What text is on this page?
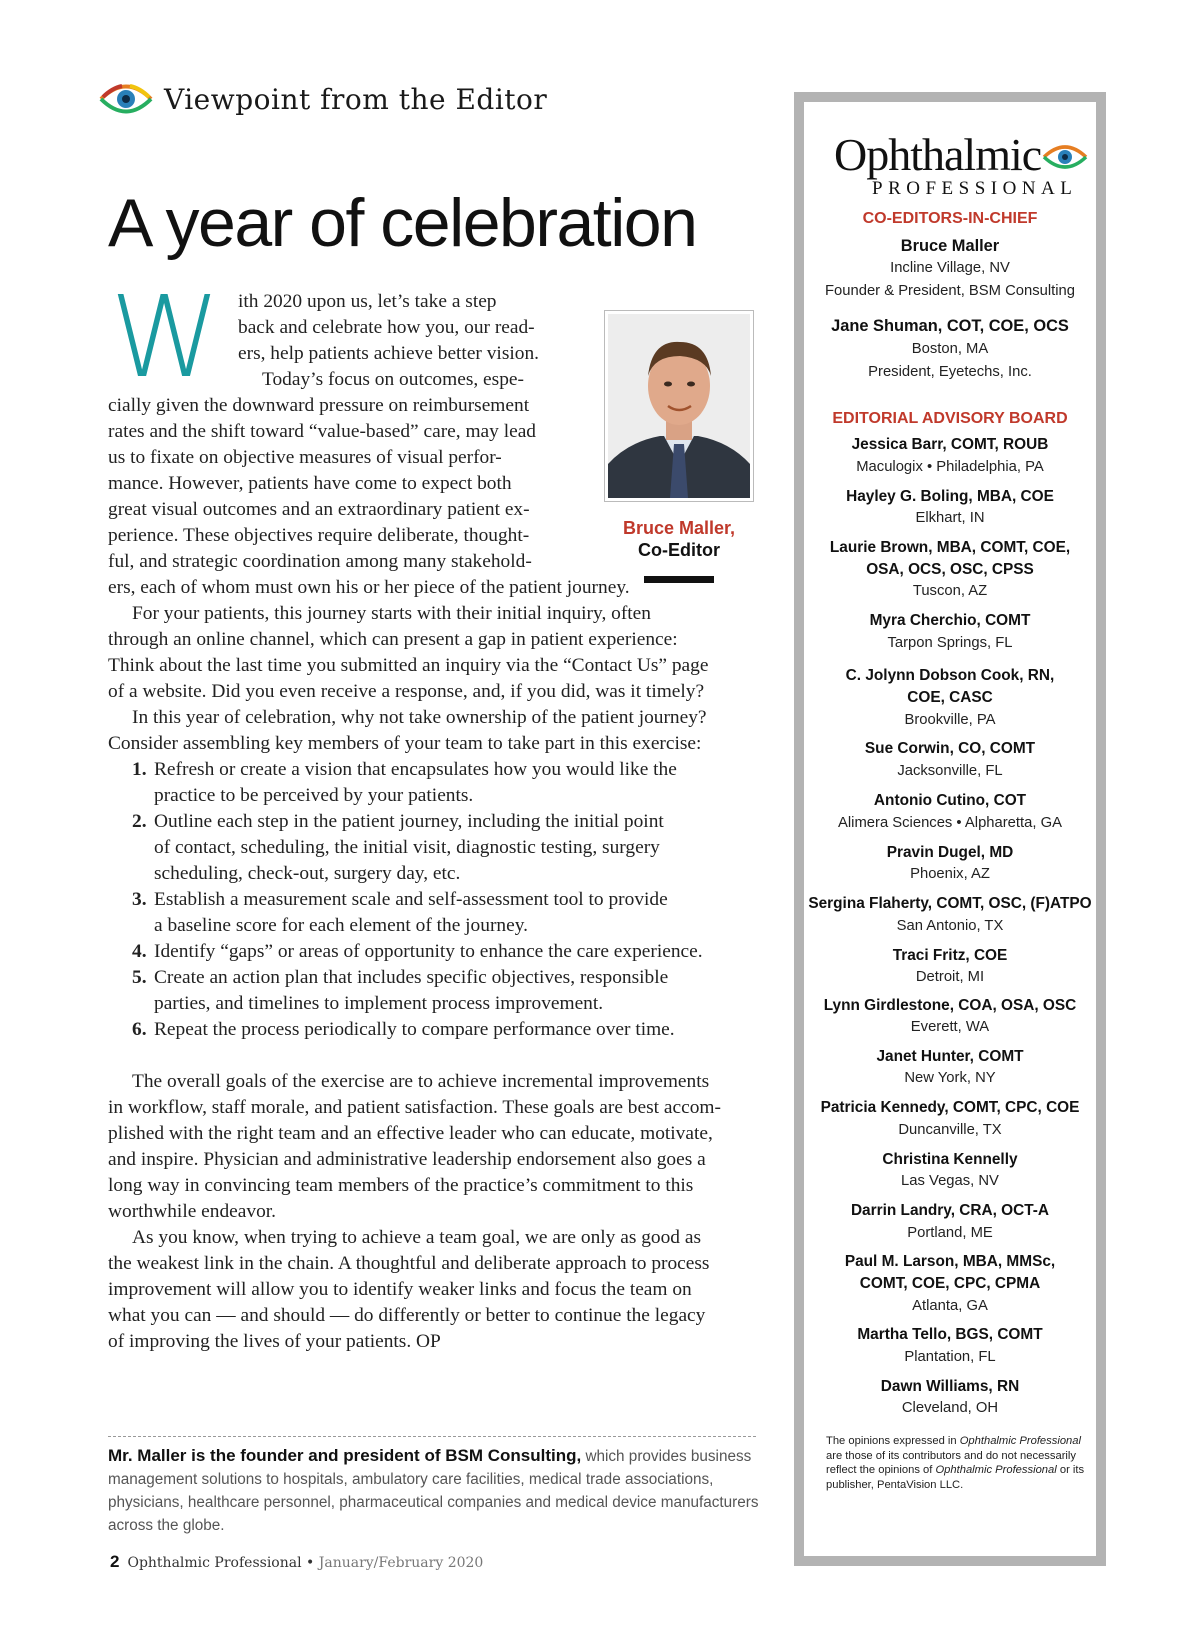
Viewpoint from the Editor
A year of celebration
W ith 2020 upon us, let’s take a step
back and celebrate how you, our read-
ers, help patients achieve better vision.
Today’s focus on outcomes, espe-
cially given the downward pressure on reimbursement
rates and the shift toward “value-based” care, may lead
us to fixate on objective measures of visual perfor-
mance. However, patients have come to expect both
great visual outcomes and an extraordinary patient ex-
perience. These objectives require deliberate, thought-
ful, and strategic coordination among many stakehold-
ers, each of whom must own his or her piece of the patient journey.
For your patients, this journey starts with their initial inquiry, often
through an online channel, which can present a gap in patient experience:
Think about the last time you submitted an inquiry via the “Contact Us” page
of a website. Did you even receive a response, and, if you did, was it timely?
In this year of celebration, why not take ownership of the patient journey?
Consider assembling key members of your team to take part in this exercise:
1. Refresh or create a vision that encapsulates how you would like the
practice to be perceived by your patients.
2. Outline each step in the patient journey, including the initial point
of contact, scheduling, the initial visit, diagnostic testing, surgery
scheduling, check-out, surgery day, etc.
3. Establish a measurement scale and self-assessment tool to provide
a baseline score for each element of the journey.
4. Identify “gaps” or areas of opportunity to enhance the care experience.
5. Create an action plan that includes specific objectives, responsible
parties, and timelines to implement process improvement.
6. Repeat the process periodically to compare performance over time.
The overall goals of the exercise are to achieve incremental improvements
in workflow, staff morale, and patient satisfaction. These goals are best accom-
plished with the right team and an effective leader who can educate, motivate,
and inspire. Physician and administrative leadership endorsement also goes a
long way in convincing team members of the practice’s commitment to this
worthwhile endeavor.
As you know, when trying to achieve a team goal, we are only as good as
the weakest link in the chain. A thoughtful and deliberate approach to process
improvement will allow you to identify weaker links and focus the team on
what you can — and should — do differently or better to continue the legacy
of improving the lives of your patients. OP
Bruce Maller,
Co-Editor
Mr. Maller is the founder and president of BSM Consulting, which provides business management solutions to hospitals, ambulatory care facilities, medical trade associations, physicians, healthcare personnel, pharmaceutical companies and medical device manufacturers across the globe.
2 Ophthalmic Professional • January/February 2020
Ophthalmic
PROFESSIONAL
CO-EDITORS-IN-CHIEF
Bruce Maller
Incline Village, NV
Founder & President, BSM Consulting
Jane Shuman, COT, COE, OCS
Boston, MA
President, Eyetechs, Inc.
EDITORIAL ADVISORY BOARD
Jessica Barr, COMT, ROUB
Maculogix • Philadelphia, PA
Hayley G. Boling, MBA, COE
Elkhart, IN
Laurie Brown, MBA, COMT, COE,
OSA, OCS, OSC, CPSS
Tuscon, AZ
Myra Cherchio, COMT
Tarpon Springs, FL
C. Jolynn Dobson Cook, RN,
COE, CASC
Brookville, PA
Sue Corwin, CO, COMT
Jacksonville, FL
Antonio Cutino, COT
Alimera Sciences • Alpharetta, GA
Pravin Dugel, MD
Phoenix, AZ
Sergina Flaherty, COMT, OSC, (F)ATPO
San Antonio, TX
Traci Fritz, COE
Detroit, MI
Lynn Girdlestone, COA, OSA, OSC
Everett, WA
Janet Hunter, COMT
New York, NY
Patricia Kennedy, COMT, CPC, COE
Duncanville, TX
Christina Kennelly
Las Vegas, NV
Darrin Landry, CRA, OCT-A
Portland, ME
Paul M. Larson, MBA, MMSc,
COMT, COE, CPC, CPMA
Atlanta, GA
Martha Tello, BGS, COMT
Plantation, FL
Dawn Williams, RN
Cleveland, OH
The opinions expressed in Ophthalmic Professional are those of its contributors and do not necessarily reflect the opinions of Ophthalmic Professional or its publisher, PentaVision LLC.
